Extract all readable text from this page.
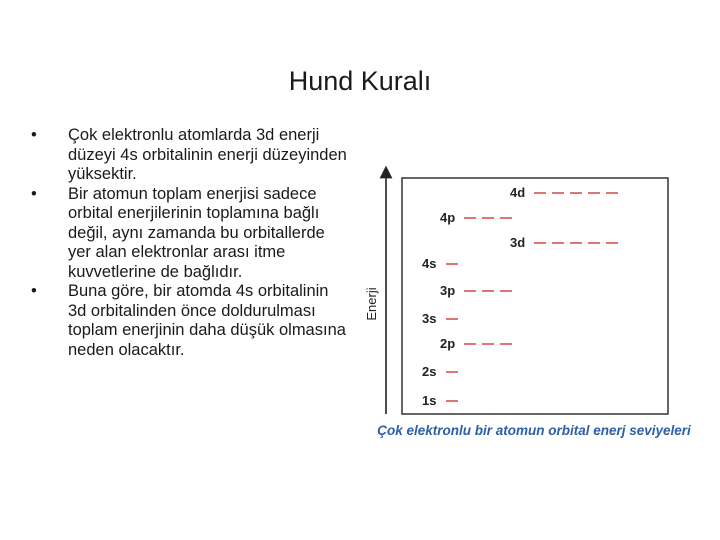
Hund Kuralı
• Çok elektronlu atomlarda 3d enerji düzeyi 4s orbitalinin enerji düzeyinden yüksektir.
• Bir atomun toplam enerjisi sadece orbital enerjilerinin toplamına bağlı değil, aynı zamanda bu orbitallerde yer alan elektronlar arası itme kuvvetlerine de bağlıdır.
• Buna göre, bir atomda 4s orbitalinin 3d orbitalinden önce doldurulması toplam enerjinin daha düşük olmasına neden olacaktır.
Enerji
4d
4p
3d
4s
3p
3s
2p
2s
1s
Çok elektronlu bir atomun orbital enerj seviyeleri
